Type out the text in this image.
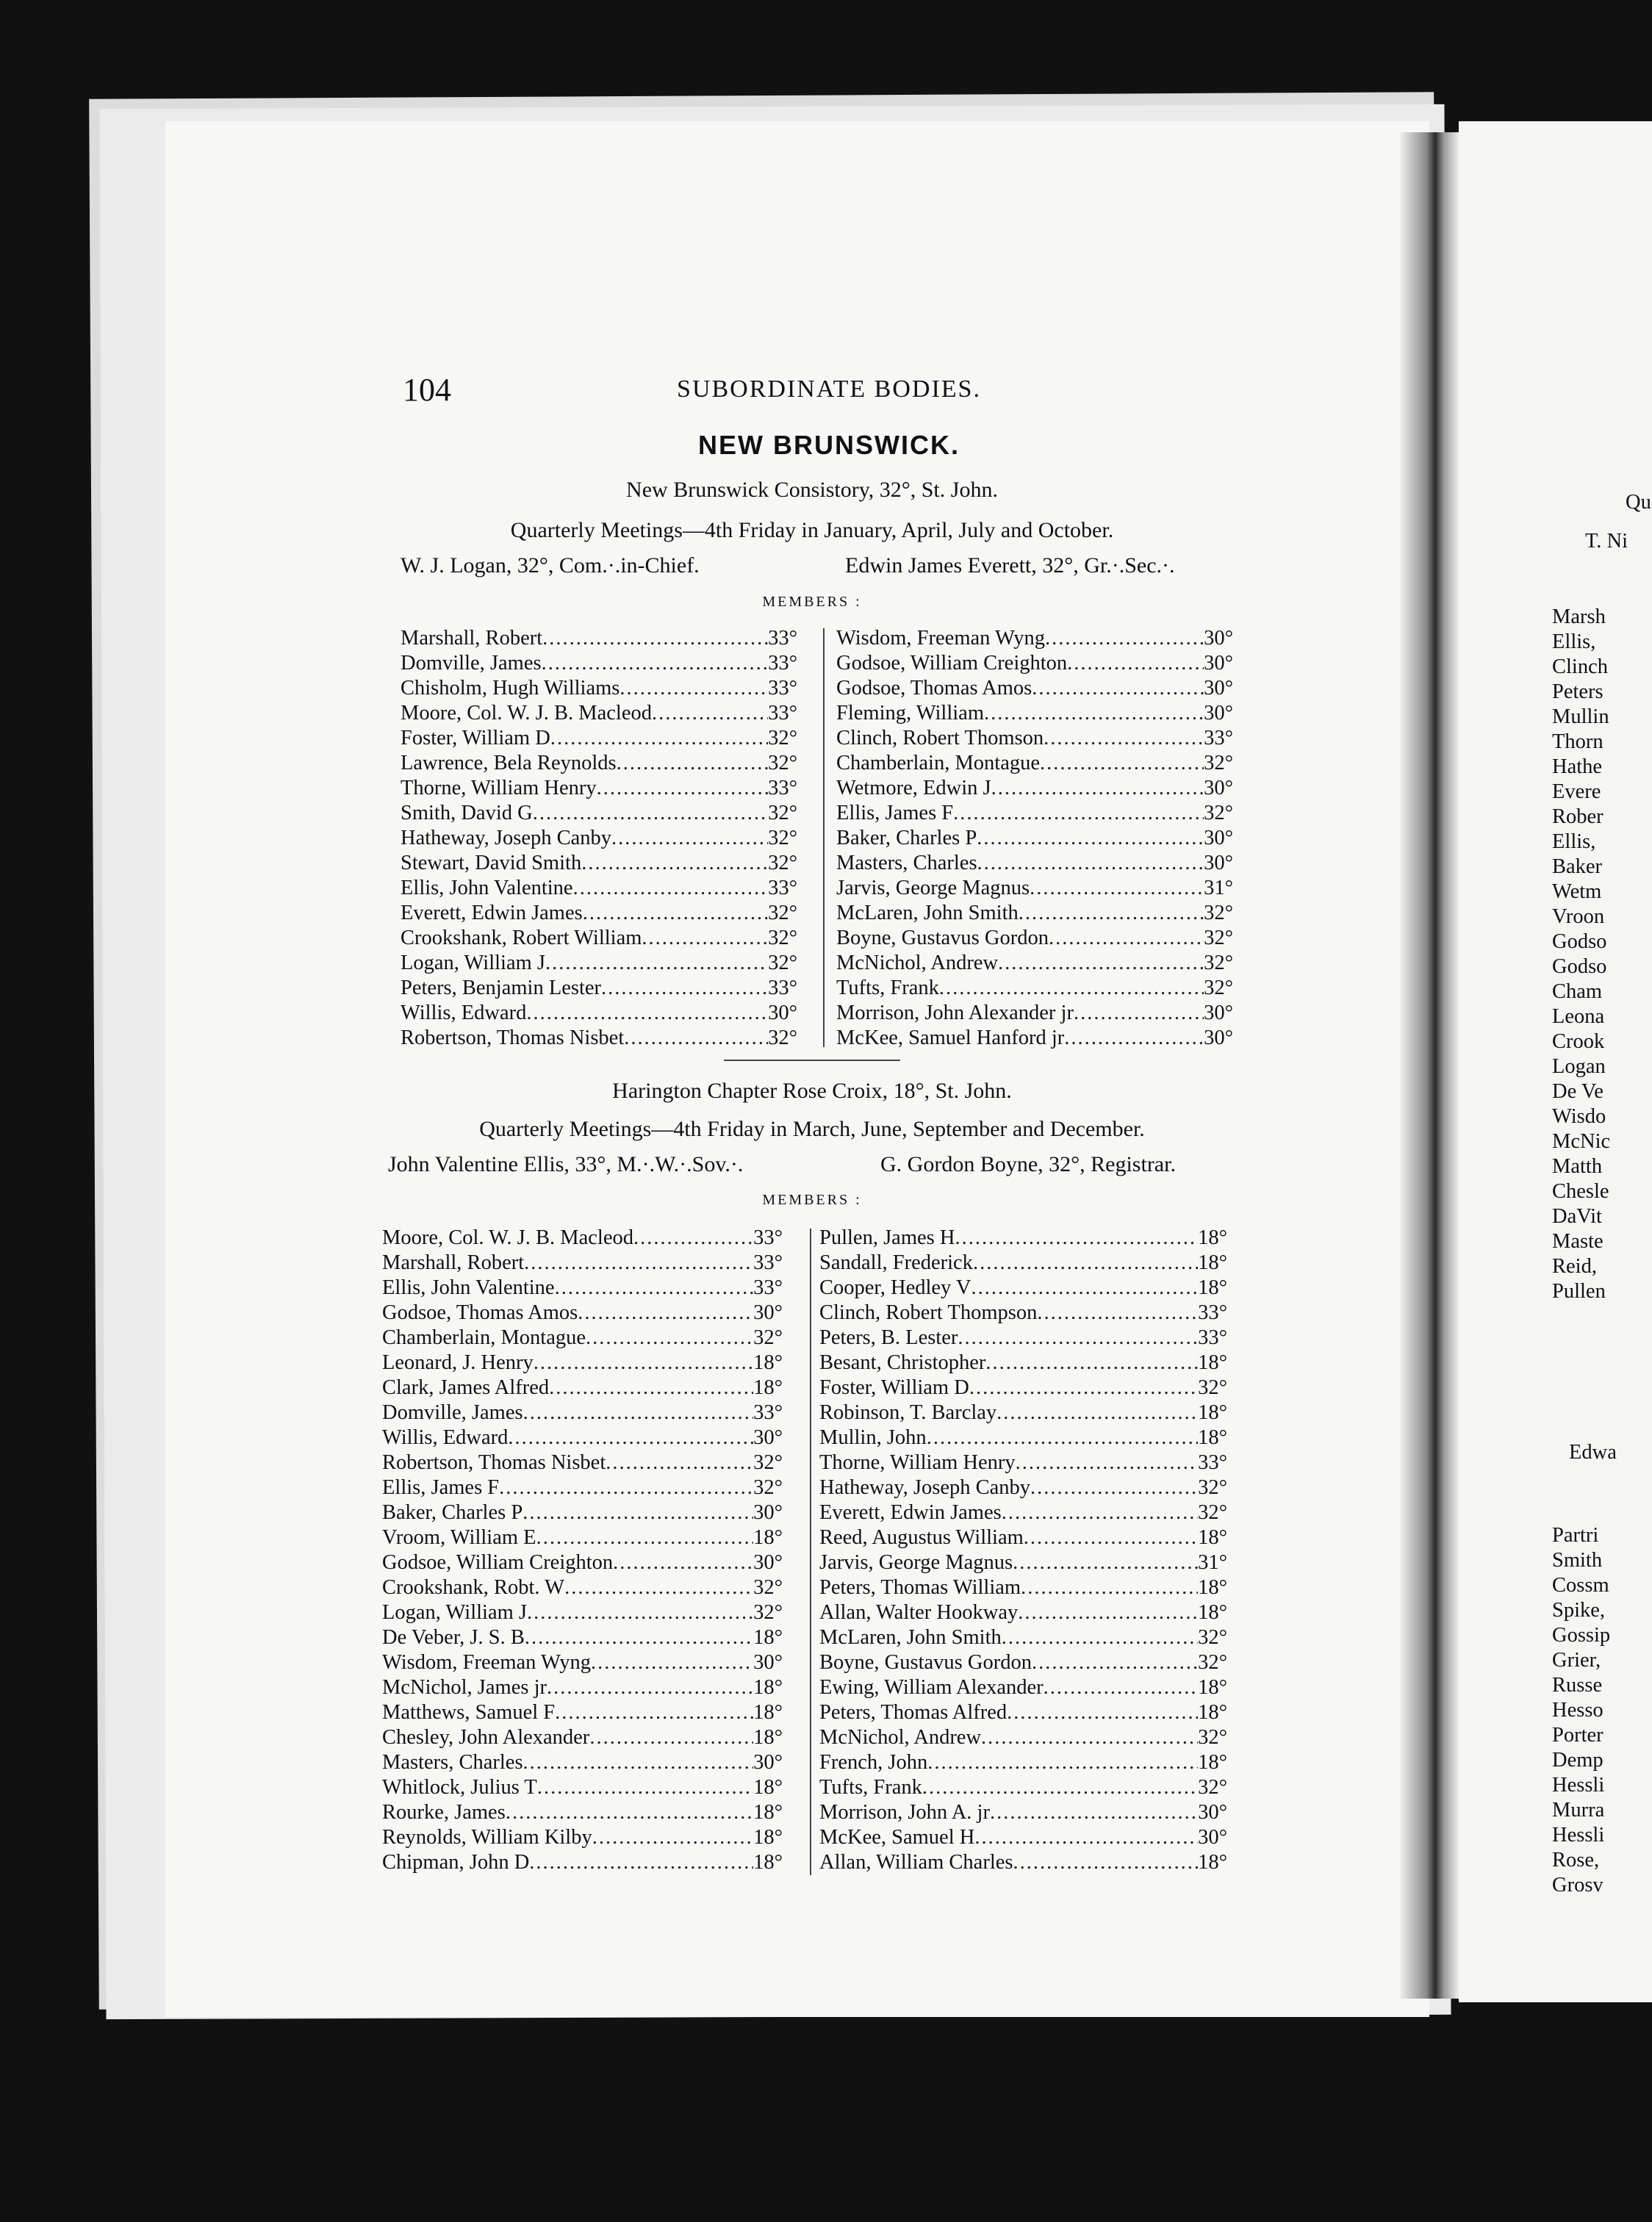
Qu
T. Ni
Marsh
Ellis,
Clinch
Peters
Mullin
Thorn
Hathe
Evere
Rober
Ellis,
Baker
Wetm
Vroon
Godso
Godso
Cham
Leona
Crook
Logan
De Ve
Wisdo
McNic
Matth
Chesle
DaVit
Maste
Reid,
Pullen
Edwa
Partri
Smith
Cossm
Spike,
Gossip
Grier,
Russe
Hesso
Porter
Demp
Hessli
Murra
Hessli
Rose,
Grosv
104	SUBORDINATE BODIES.
NEW BRUNSWICK.
New Brunswick Consistory, 32°, St. John.
Quarterly Meetings—4th Friday in January, April, July and October.
W. J. Logan, 32°, Com.·.in-Chief.	Edwin James Everett, 32°, Gr.·.Sec.·.
MEMBERS :
Marshall, Robert .....	33°
Domville, James .....	33°
Chisholm, Hugh Williams .....	33°
Moore, Col. W. J. B. Macleod .....	33°
Foster, William D .....	32°
Lawrence, Bela Reynolds .....	32°
Thorne, William Henry .....	33°
Smith, David G .....	32°
Hatheway, Joseph Canby .....	32°
Stewart, David Smith .....	32°
Ellis, John Valentine .....	33°
Everett, Edwin James .....	32°
Crookshank, Robert William .....	32°
Logan, William J .....	32°
Peters, Benjamin Lester .....	33°
Willis, Edward .....	30°
Robertson, Thomas Nisbet .....	32°
Wisdom, Freeman Wyng .....	30°
Godsoe, William Creighton .....	30°
Godsoe, Thomas Amos .....	30°
Fleming, William .....	30°
Clinch, Robert Thomson .....	33°
Chamberlain, Montague .....	32°
Wetmore, Edwin J .....	30°
Ellis, James F .....	32°
Baker, Charles P .....	30°
Masters, Charles .....	30°
Jarvis, George Magnus .....	31°
McLaren, John Smith .....	32°
Boyne, Gustavus Gordon .....	32°
McNichol, Andrew .....	32°
Tufts, Frank .....	32°
Morrison, John Alexander jr .....	30°
McKee, Samuel Hanford jr .....	30°
Harington Chapter Rose Croix, 18°, St. John.
Quarterly Meetings—4th Friday in March, June, September and December.
John Valentine Ellis, 33°, M.·.W.·.Sov.·.	G. Gordon Boyne, 32°, Registrar.
MEMBERS :
Moore, Col. W. J. B. Macleod .....	33°
Marshall, Robert .....	33°
Ellis, John Valentine .....	33°
Godsoe, Thomas Amos .....	30°
Chamberlain, Montague .....	32°
Leonard, J. Henry .....	18°
Clark, James Alfred .....	18°
Domville, James .....	33°
Willis, Edward .....	30°
Robertson, Thomas Nisbet .....	32°
Ellis, James F .....	32°
Baker, Charles P .....	30°
Vroom, William E .....	18°
Godsoe, William Creighton .....	30°
Crookshank, Robt. W .....	32°
Logan, William J .....	32°
De Veber, J. S. B .....	18°
Wisdom, Freeman Wyng .....	30°
McNichol, James jr .....	18°
Matthews, Samuel F .....	18°
Chesley, John Alexander .....	18°
Masters, Charles .....	30°
Whitlock, Julius T .....	18°
Rourke, James .....	18°
Reynolds, William Kilby .....	18°
Chipman, John D .....	18°
Pullen, James H .....	18°
Sandall, Frederick .....	18°
Cooper, Hedley V .....	18°
Clinch, Robert Thompson .....	33°
Peters, B. Lester .....	33°
Besant, Christopher .....	18°
Foster, William D .....	32°
Robinson, T. Barclay .....	18°
Mullin, John .....	18°
Thorne, William Henry .....	33°
Hatheway, Joseph Canby .....	32°
Everett, Edwin James .....	32°
Reed, Augustus William .....	18°
Jarvis, George Magnus .....	31°
Peters, Thomas William .....	18°
Allan, Walter Hookway .....	18°
McLaren, John Smith .....	32°
Boyne, Gustavus Gordon .....	32°
Ewing, William Alexander .....	18°
Peters, Thomas Alfred .....	18°
McNichol, Andrew .....	32°
French, John .....	18°
Tufts, Frank .....	32°
Morrison, John A. jr .....	30°
McKee, Samuel H .....	30°
Allan, William Charles .....	18°
